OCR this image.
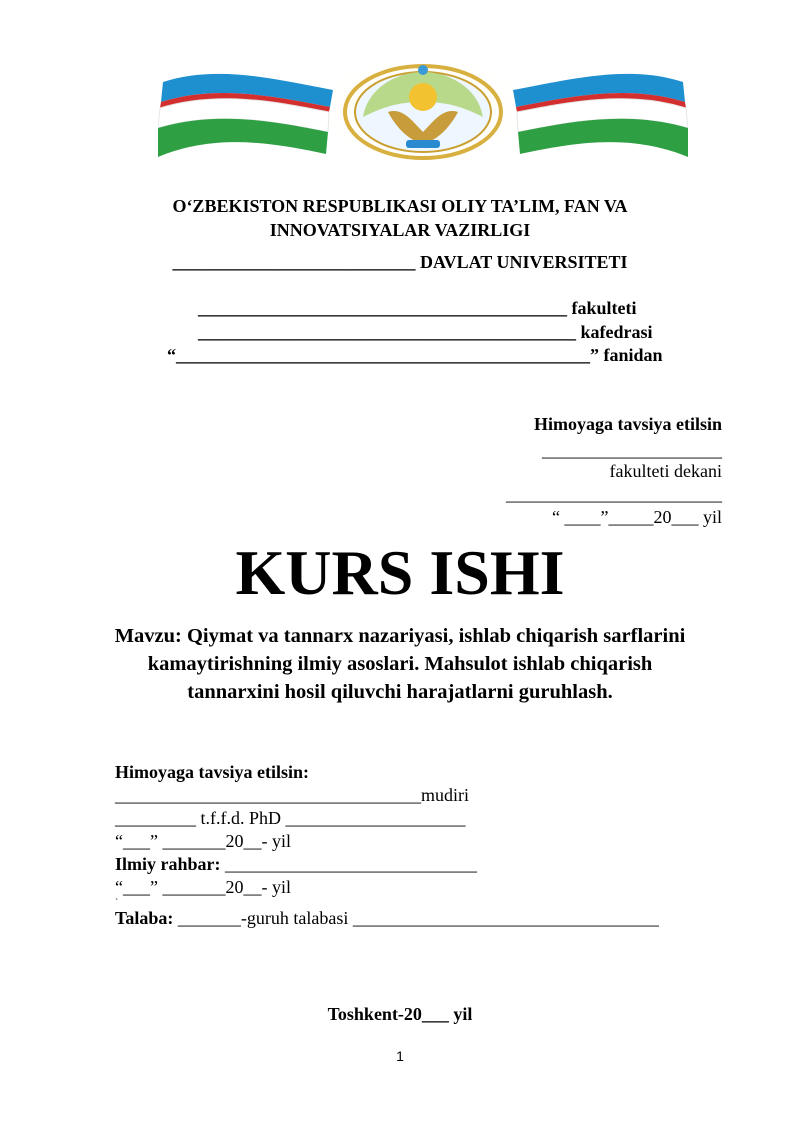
O‘ZBEKISTON RESPUBLIKASI OLIY TA’LIM, FAN VA
INNOVATSIYALAR VAZIRLIGI
___________________________ DAVLAT UNIVERSITETI
_________________________________________ fakulteti
__________________________________________ kafedrasi
“______________________________________________” fanidan
Himoyaga tavsiya etilsin
____________________
fakulteti dekani
________________________
“ ____”_____20___ yil
KURS ISHI
Mavzu: Qiymat va tannarx nazariyasi, ishlab chiqarish sarflarini
kamaytirishning ilmiy asoslari. Mahsulot ishlab chiqarish
tannarxini hosil qiluvchi harajatlarni guruhlash.
Himoyaga tavsiya etilsin:
__________________________________mudiri
_________ t.f.f.d. PhD ____________________
“___” _______20__- yil
Ilmiy rahbar: ____________________________
“___” _______20__- yil
`
Talaba: _______-guruh talabasi __________________________________
Toshkent-20___ yil
1
